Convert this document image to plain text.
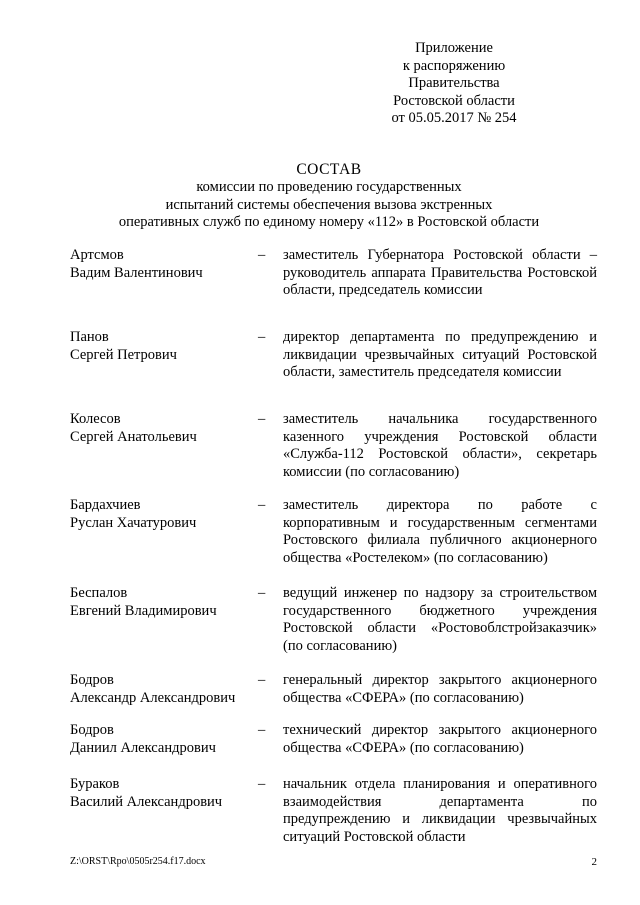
Приложение
к распоряжению
Правительства
Ростовской области
от 05.05.2017 № 254
СОСТАВ
комиссии по проведению государственных
испытаний системы обеспечения вызова экстренных
оперативных служб по единому номеру «112» в Ростовской области
Артсмов
Вадим Валентинович
– заместитель Губернатора Ростовской области – руководитель аппарата Правительства Ростовской области, председатель комиссии
Панов
Сергей Петрович
– директор департамента по предупреждению и ликвидации чрезвычайных ситуаций Ростовской области, заместитель председателя комиссии
Колесов
Сергей Анатольевич
– заместитель начальника государственного казенного учреждения Ростовской области «Служба-112 Ростовской области», секретарь комиссии (по согласованию)
Бардахчиев
Руслан Хачатурович
– заместитель директора по работе с корпоративным и государственным сегментами Ростовского филиала публичного акционерного общества «Ростелеком» (по согласованию)
Беспалов
Евгений Владимирович
– ведущий инженер по надзору за строительством государственного бюджетного учреждения Ростовской области «Ростовоблстройзаказчик» (по согласованию)
Бодров
Александр Александрович
– генеральный директор закрытого акционерного общества «СФЕРА» (по согласованию)
Бодров
Даниил Александрович
– технический директор закрытого акционерного общества «СФЕРА» (по согласованию)
Бураков
Василий Александрович
– начальник отдела планирования и оперативного взаимодействия департамента по предупреждению и ликвидации чрезвычайных ситуаций Ростовской области
Z:\ORST\Rpo\0505r254.f17.docx	2
